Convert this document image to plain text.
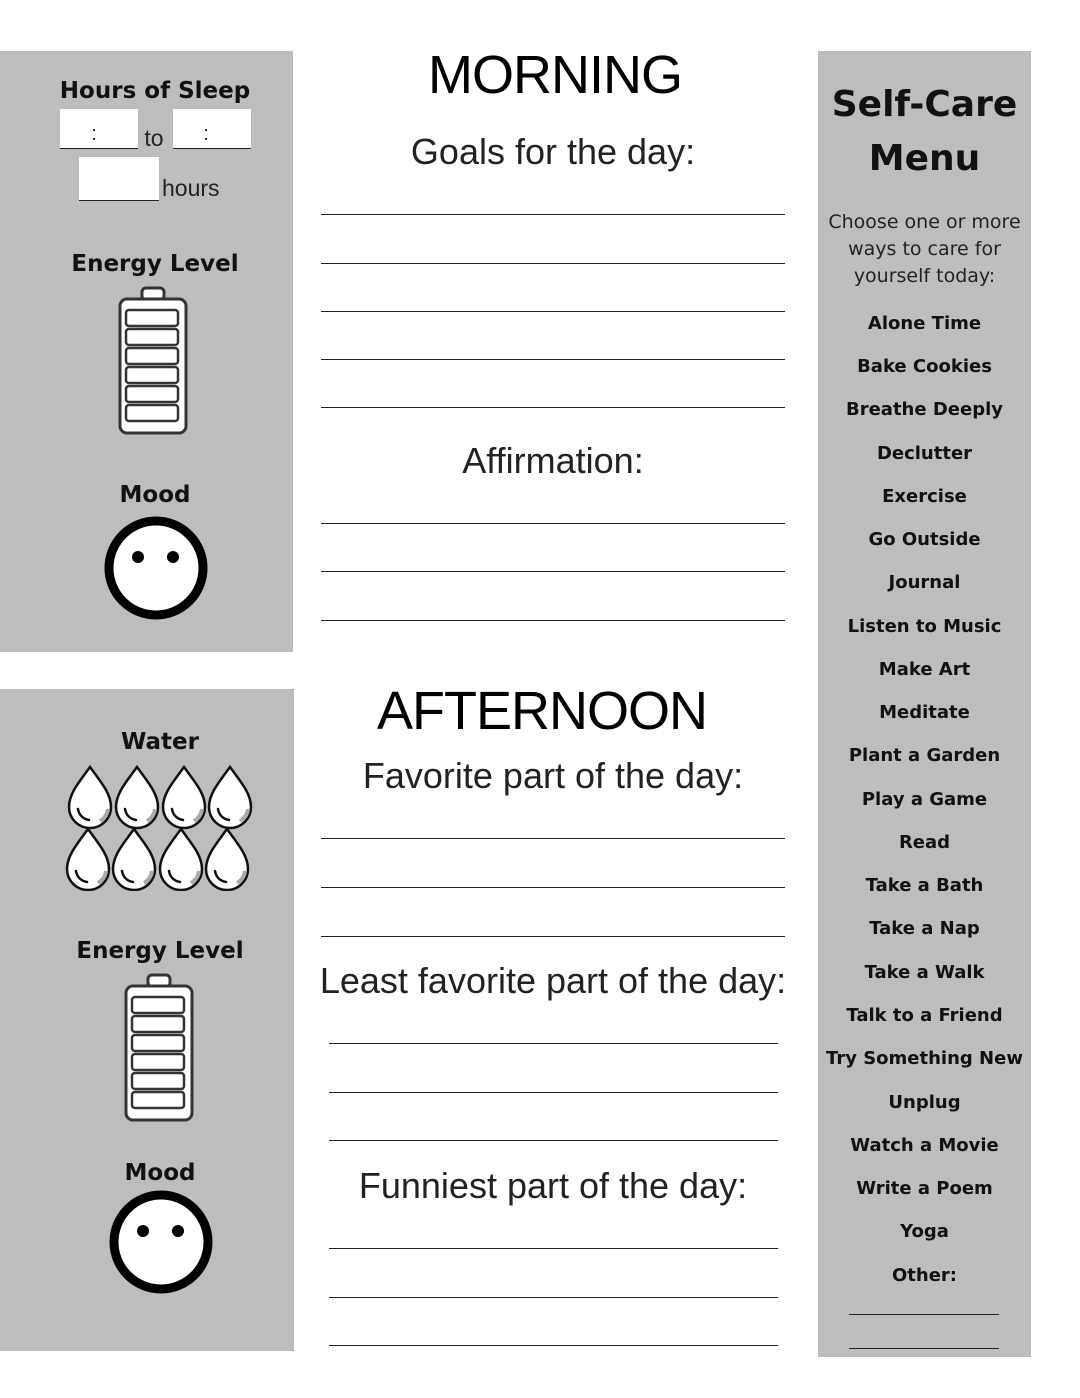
Hours of Sleep
:	to	:
hours
Energy Level
Mood
Water
Energy Level
Mood
MORNING
Goals for the day:
Affirmation:
AFTERNOON
Favorite part of the day:
Least favorite part of the day:
Funniest part of the day:
Self-Care
Menu
Choose one or more
ways to care for
yourself today:
Alone Time
Bake Cookies
Breathe Deeply
Declutter
Exercise
Go Outside
Journal
Listen to Music
Make Art
Meditate
Plant a Garden
Play a Game
Read
Take a Bath
Take a Nap
Take a Walk
Talk to a Friend
Try Something New
Unplug
Watch a Movie
Write a Poem
Yoga
Other:
